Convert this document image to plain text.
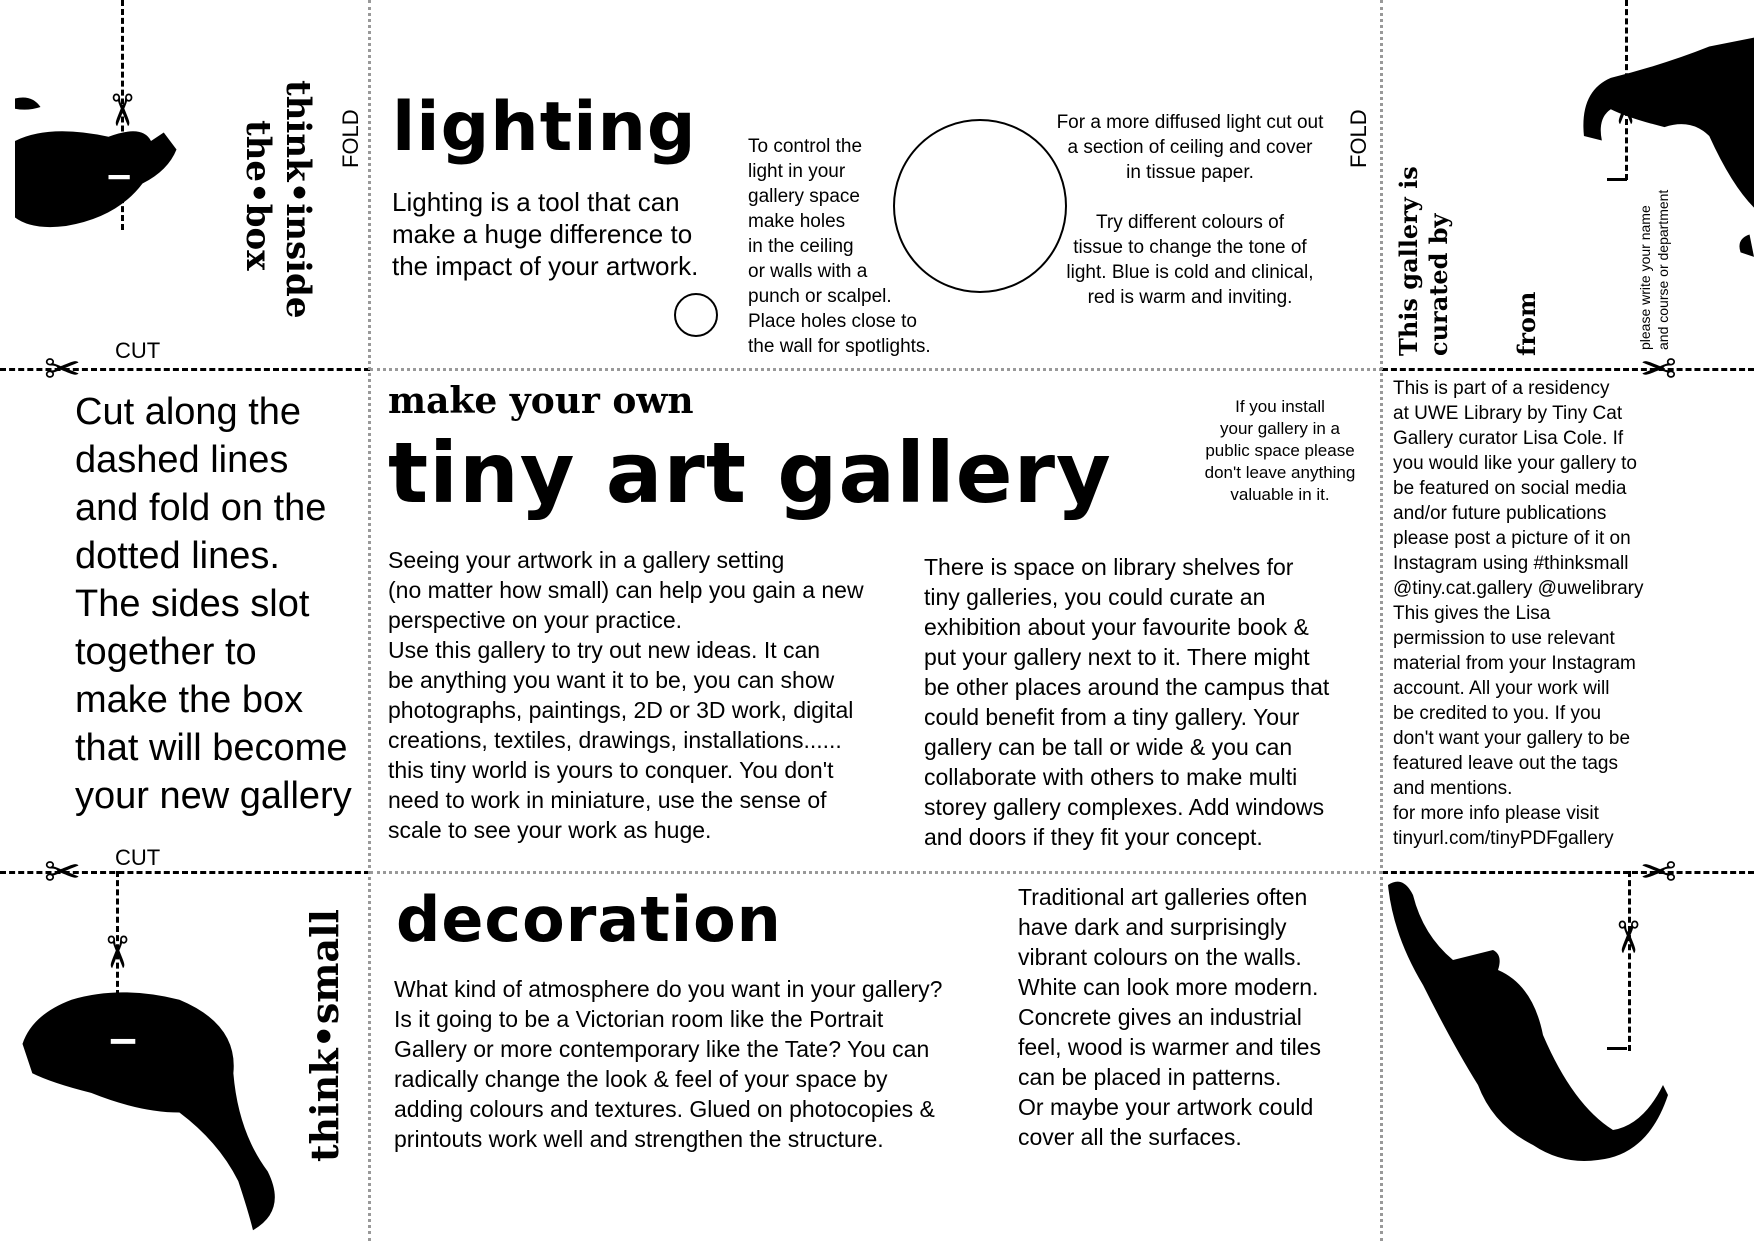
✂
✂
✂
✂
✂
✂	✂
CUT
CUT
FOLD	FOLD
think•inside
the•box
think•small
Cut along the
dashed lines
and fold on the
dotted lines.
The sides slot
together to
make the box
that will become
your new gallery
lighting
Lighting is a tool that can
make a huge difference to
the impact of your artwork.
To control the
light in your
gallery space
make holes
in the ceiling
or walls with a
punch or scalpel.
Place holes close to
the wall for spotlights.
For a more diffused light cut out
a section of ceiling and cover
in tissue paper.
Try different colours of
tissue to change the tone of
light. Blue is cold and clinical,
red is warm and inviting.
make your own
tiny art gallery
If you install
your gallery in a
public space please
don't leave anything
valuable in it.
Seeing your artwork in a gallery setting
(no matter how small) can help you gain a new
perspective on your practice.
Use this gallery to try out new ideas. It can
be anything you want it to be, you can show
photographs, paintings, 2D or 3D work, digital
creations, textiles, drawings, installations......
this tiny world is yours to conquer. You don't
need to work in miniature, use the sense of
scale to see your work as huge.
There is space on library shelves for
tiny galleries, you could curate an
exhibition about your favourite book &
put your gallery next to it. There might
be other places around the campus that
could benefit from a tiny gallery. Your
gallery can be tall or wide & you can
collaborate with others to make multi
storey gallery complexes. Add windows
and doors if they fit your concept.
decoration
What kind of atmosphere do you want in your gallery?
Is it going to be a Victorian room like the Portrait
Gallery or more contemporary like the Tate? You can
radically change the look & feel of your space by
adding colours and textures. Glued on photocopies &
printouts work well and strengthen the structure.
Traditional art galleries often
have dark and surprisingly
vibrant colours on the walls.
White can look more modern.
Concrete gives an industrial
feel, wood is warmer and tiles
can be placed in patterns.
Or maybe your artwork could
cover all the surfaces.
This gallery is curated by from	please write your name and course or department
This is part of a residency
at UWE Library by Tiny Cat
Gallery curator Lisa Cole. If
you would like your gallery to
be featured on social media
and/or future publications
please post a picture of it on
Instagram using #thinksmall
@tiny.cat.gallery @uwelibrary
This gives the Lisa
permission to use relevant
material from your Instagram
account. All your work will
be credited to you. If you
don't want your gallery to be
featured leave out the tags
and mentions.
for more info please visit
tinyurl.com/tinyPDFgallery
